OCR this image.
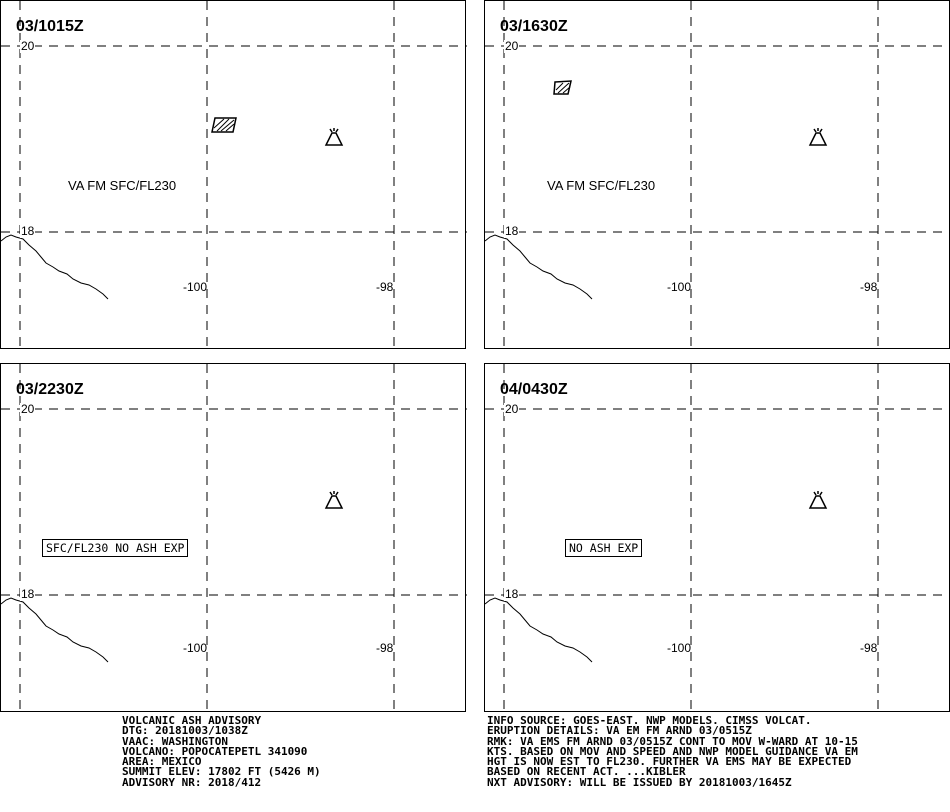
03/1015Z
20
18
-100	-98
VA FM SFC/FL230
03/1630Z
20
18
-100	-98
VA FM SFC/FL230
03/2230Z
20
18
-100	-98
SFC/FL230 NO ASH EXP
04/0430Z
20
18
-100	-98
NO ASH EXP
VOLCANIC ASH ADVISORY
DTG: 20181003/1038Z
VAAC: WASHINGTON
VOLCANO: POPOCATEPETL 341090
AREA: MEXICO
SUMMIT ELEV: 17802 FT (5426 M)
ADVISORY NR: 2018/412
INFO SOURCE: GOES-EAST. NWP MODELS. CIMSS VOLCAT.
ERUPTION DETAILS: VA EM FM ARND 03/0515Z
RMK: VA EMS FM ARND 03/0515Z CONT TO MOV W-WARD AT 10-15
KTS. BASED ON MOV AND SPEED AND NWP MODEL GUIDANCE VA EM
HGT IS NOW EST TO FL230. FURTHER VA EMS MAY BE EXPECTED
BASED ON RECENT ACT. ...KIBLER
NXT ADVISORY: WILL BE ISSUED BY 20181003/1645Z
